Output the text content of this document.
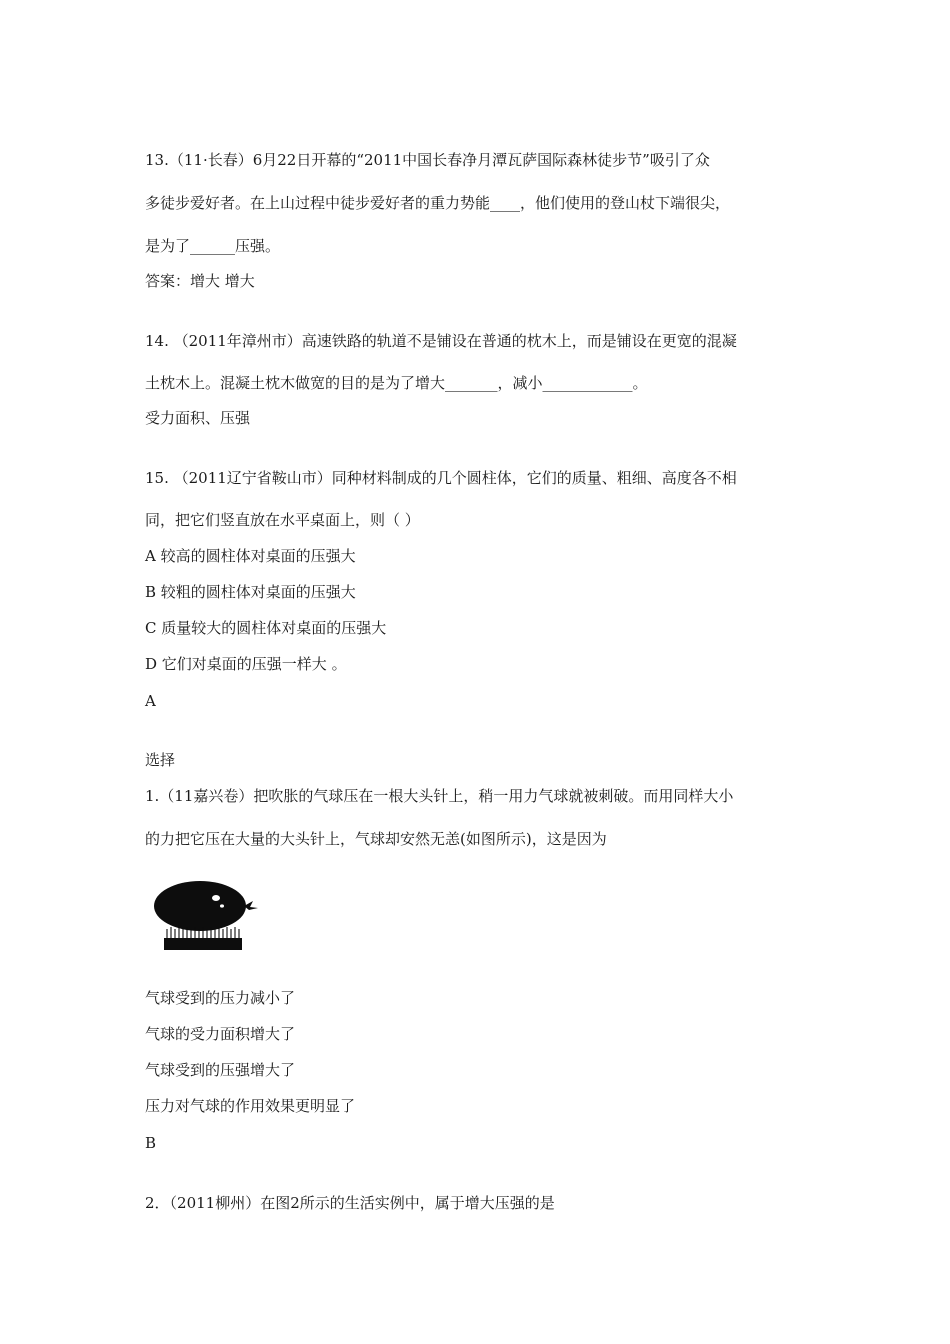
13.（11·长春）6月22日开幕的“2011中国长春净月潭瓦萨国际森林徒步节”吸引了众
多徒步爱好者。在上山过程中徒步爱好者的重力势能____，他们使用的登山杖下端很尖，
是为了______压强。
答案：增大 增大
14. （2011年漳州市）高速铁路的轨道不是铺设在普通的枕木上，而是铺设在更宽的混凝
土枕木上。混凝土枕木做宽的目的是为了增大_______，减小____________。
受力面积、压强
15. （2011辽宁省鞍山市）同种材料制成的几个圆柱体，它们的质量、粗细、高度各不相
同，把它们竖直放在水平桌面上，则（ ）
A 较高的圆柱体对桌面的压强大
B 较粗的圆柱体对桌面的压强大
C 质量较大的圆柱体对桌面的压强大
D 它们对桌面的压强一样大 。
A
选择
1.（11嘉兴卷）把吹胀的气球压在一根大头针上，稍一用力气球就被刺破。而用同样大小
的力把它压在大量的大头针上，气球却安然无恙(如图所示)，这是因为
气球受到的压力减小了
气球的受力面积增大了
气球受到的压强增大了
压力对气球的作用效果更明显了
B
2．（2011柳州）在图2所示的生活实例中，属于增大压强的是
